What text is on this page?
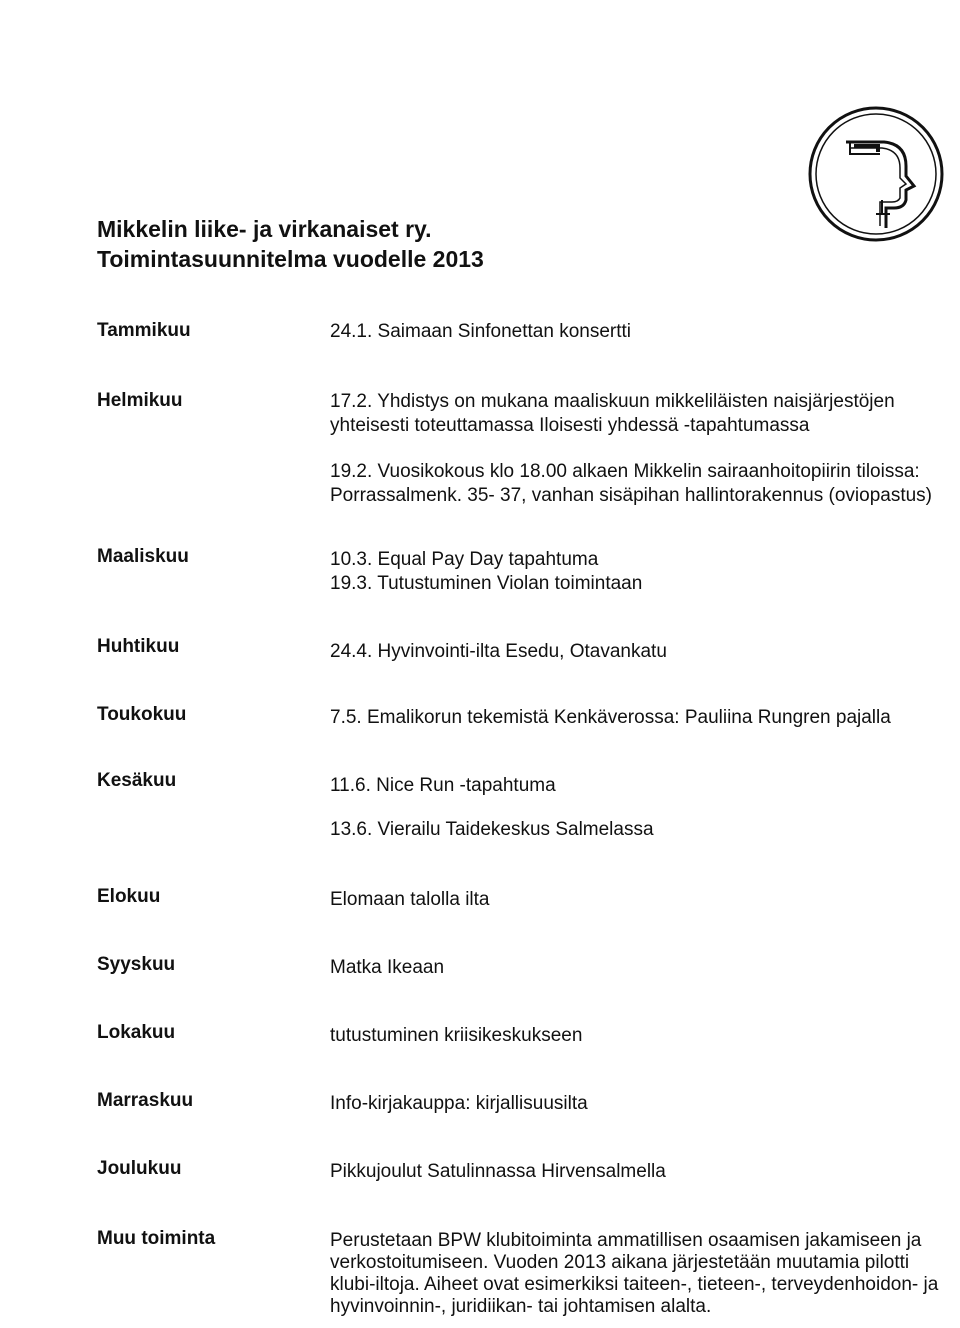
Mikkelin liike- ja virkanaiset ry.
Toimintasuunnitelma vuodelle 2013
Tammikuu	24.1. Saimaan Sinfonettan konsertti
Helmikuu	17.2. Yhdistys on mukana maaliskuun mikkeliläisten naisjärjestöjen yhteisesti toteuttamassa Iloisesti yhdessä -tapahtumassa
19.2. Vuosikokous klo 18.00 alkaen Mikkelin sairaanhoitopiirin tiloissa: Porrassalmenk. 35- 37, vanhan sisäpihan hallintorakennus (oviopastus)
Maaliskuu	10.3. Equal Pay Day tapahtuma
19.3. Tutustuminen Violan toimintaan
Huhtikuu	24.4. Hyvinvointi-ilta Esedu, Otavankatu
Toukokuu	7.5. Emalikorun tekemistä Kenkäverossa: Pauliina Rungren pajalla
Kesäkuu	11.6. Nice Run -tapahtuma
13.6. Vierailu Taidekeskus Salmelassa
Elokuu	Elomaan talolla ilta
Syyskuu	Matka Ikeaan
Lokakuu	tutustuminen kriisikeskukseen
Marraskuu	Info-kirjakauppa: kirjallisuusilta
Joulukuu	Pikkujoulut Satulinnassa Hirvensalmella
Muu toiminta	Perustetaan BPW klubitoiminta ammatillisen osaamisen jakamiseen ja verkostoitumiseen. Vuoden 2013 aikana järjestetään muutamia pilotti klubi-iltoja. Aiheet ovat esimerkiksi taiteen-, tieteen-, terveydenhoidon- ja hyvinvoinnin-, juridiikan- tai johtamisen alalta.
